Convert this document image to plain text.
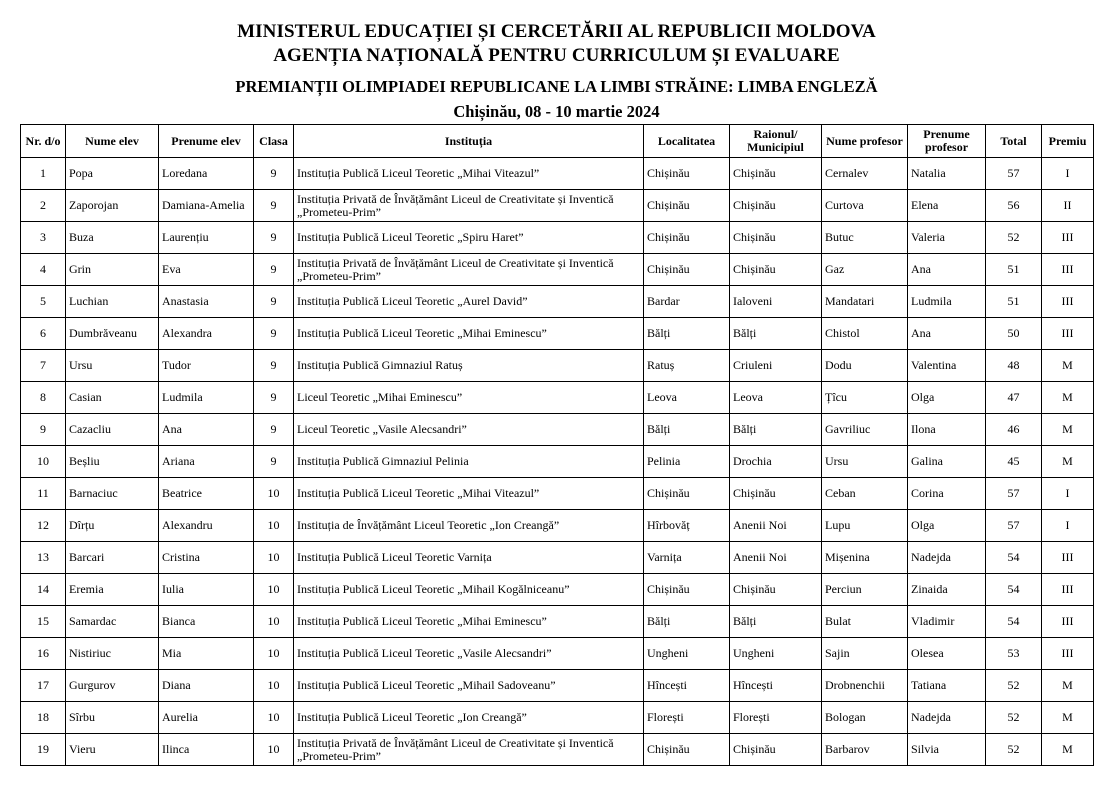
MINISTERUL EDUCAȚIEI ȘI CERCETĂRII AL REPUBLICII MOLDOVA
AGENȚIA NAȚIONALĂ PENTRU CURRICULUM ȘI EVALUARE
PREMIANȚII OLIMPIADEI REPUBLICANE LA LIMBI STRĂINE: LIMBA ENGLEZĂ
Chișinău, 08 - 10 martie 2024
Nr. d/o	Nume elev	Prenume elev	Clasa	Instituția	Localitatea	Raionul/ Municipiul	Nume profesor	Prenume profesor	Total	Premiu
1	Popa	Loredana	9	Instituția Publică Liceul Teoretic „Mihai Viteazul”	Chișinău	Chișinău	Cernalev	Natalia	57	I
2	Zaporojan	Damiana-Amelia	9	Instituția Privată de Învățământ Liceul de Creativitate și Inventică „Prometeu-Prim”	Chișinău	Chișinău	Curtova	Elena	56	II
3	Buza	Laurențiu	9	Instituția Publică Liceul Teoretic „Spiru Haret”	Chișinău	Chișinău	Butuc	Valeria	52	III
4	Grin	Eva	9	Instituția Privată de Învățământ Liceul de Creativitate și Inventică „Prometeu-Prim”	Chișinău	Chișinău	Gaz	Ana	51	III
5	Luchian	Anastasia	9	Instituția Publică Liceul Teoretic „Aurel David”	Bardar	Ialoveni	Mandatari	Ludmila	51	III
6	Dumbrăveanu	Alexandra	9	Instituția Publică Liceul Teoretic „Mihai Eminescu”	Bălți	Bălți	Chistol	Ana	50	III
7	Ursu	Tudor	9	Instituția Publică Gimnaziul Ratuș	Ratuș	Criuleni	Dodu	Valentina	48	M
8	Casian	Ludmila	9	Liceul Teoretic „Mihai Eminescu”	Leova	Leova	Țîcu	Olga	47	M
9	Cazacliu	Ana	9	Liceul Teoretic „Vasile Alecsandri”	Bălți	Bălți	Gavriliuc	Ilona	46	M
10	Beșliu	Ariana	9	Instituția Publică Gimnaziul Pelinia	Pelinia	Drochia	Ursu	Galina	45	M
11	Barnaciuc	Beatrice	10	Instituția Publică Liceul Teoretic „Mihai Viteazul”	Chișinău	Chișinău	Ceban	Corina	57	I
12	Dîrțu	Alexandru	10	Instituția de Învățământ Liceul Teoretic „Ion Creangă”	Hîrbovăț	Anenii Noi	Lupu	Olga	57	I
13	Barcari	Cristina	10	Instituția Publică Liceul Teoretic Varnița	Varnița	Anenii Noi	Mișenina	Nadejda	54	III
14	Eremia	Iulia	10	Instituția Publică Liceul Teoretic „Mihail Kogălniceanu”	Chișinău	Chișinău	Perciun	Zinaida	54	III
15	Samardac	Bianca	10	Instituția Publică Liceul Teoretic „Mihai Eminescu”	Bălți	Bălți	Bulat	Vladimir	54	III
16	Nistiriuc	Mia	10	Instituția Publică Liceul Teoretic „Vasile Alecsandri”	Ungheni	Ungheni	Sajin	Olesea	53	III
17	Gurgurov	Diana	10	Instituția Publică Liceul Teoretic „Mihail Sadoveanu”	Hîncești	Hîncești	Drobnenchii	Tatiana	52	M
18	Sîrbu	Aurelia	10	Instituția Publică Liceul Teoretic „Ion Creangă”	Florești	Florești	Bologan	Nadejda	52	M
19	Vieru	Ilinca	10	Instituția Privată de Învățământ Liceul de Creativitate și Inventică „Prometeu-Prim”	Chișinău	Chișinău	Barbarov	Silvia	52	M
